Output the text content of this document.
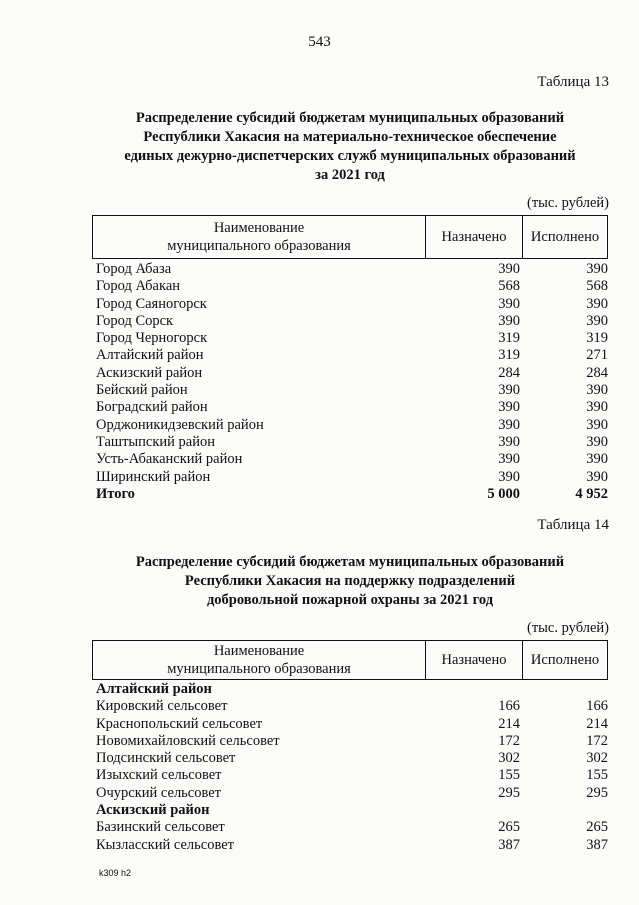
543
Таблица 13
Распределение субсидий бюджетам муниципальных образований
Республики Хакасия на материально-техническое обеспечение
единых дежурно-диспетчерских служб муниципальных образований
за 2021 год
(тыс. рублей)
Наименование
муниципального образования
Назначено	Исполнено
Город Абаза	390	390
Город Абакан	568	568
Город Саяногорск	390	390
Город Сорск	390	390
Город Черногорск	319	319
Алтайский район	319	271
Аскизский район	284	284
Бейский район	390	390
Боградский район	390	390
Орджоникидзевский район	390	390
Таштыпский район	390	390
Усть-Абаканский район	390	390
Ширинский район	390	390
Итого	5 000	4 952
Таблица 14
Распределение субсидий бюджетам муниципальных образований
Республики Хакасия на поддержку подразделений
добровольной пожарной охраны за 2021 год
(тыс. рублей)
Наименование
муниципального образования
Назначено	Исполнено
Алтайский район
Кировский сельсовет	166	166
Краснопольский сельсовет	214	214
Новомихайловский сельсовет	172	172
Подсинский сельсовет	302	302
Изыхский сельсовет	155	155
Очурский сельсовет	295	295
Аскизский район
Базинский сельсовет	265	265
Кызласский сельсовет	387	387
k309 h2
